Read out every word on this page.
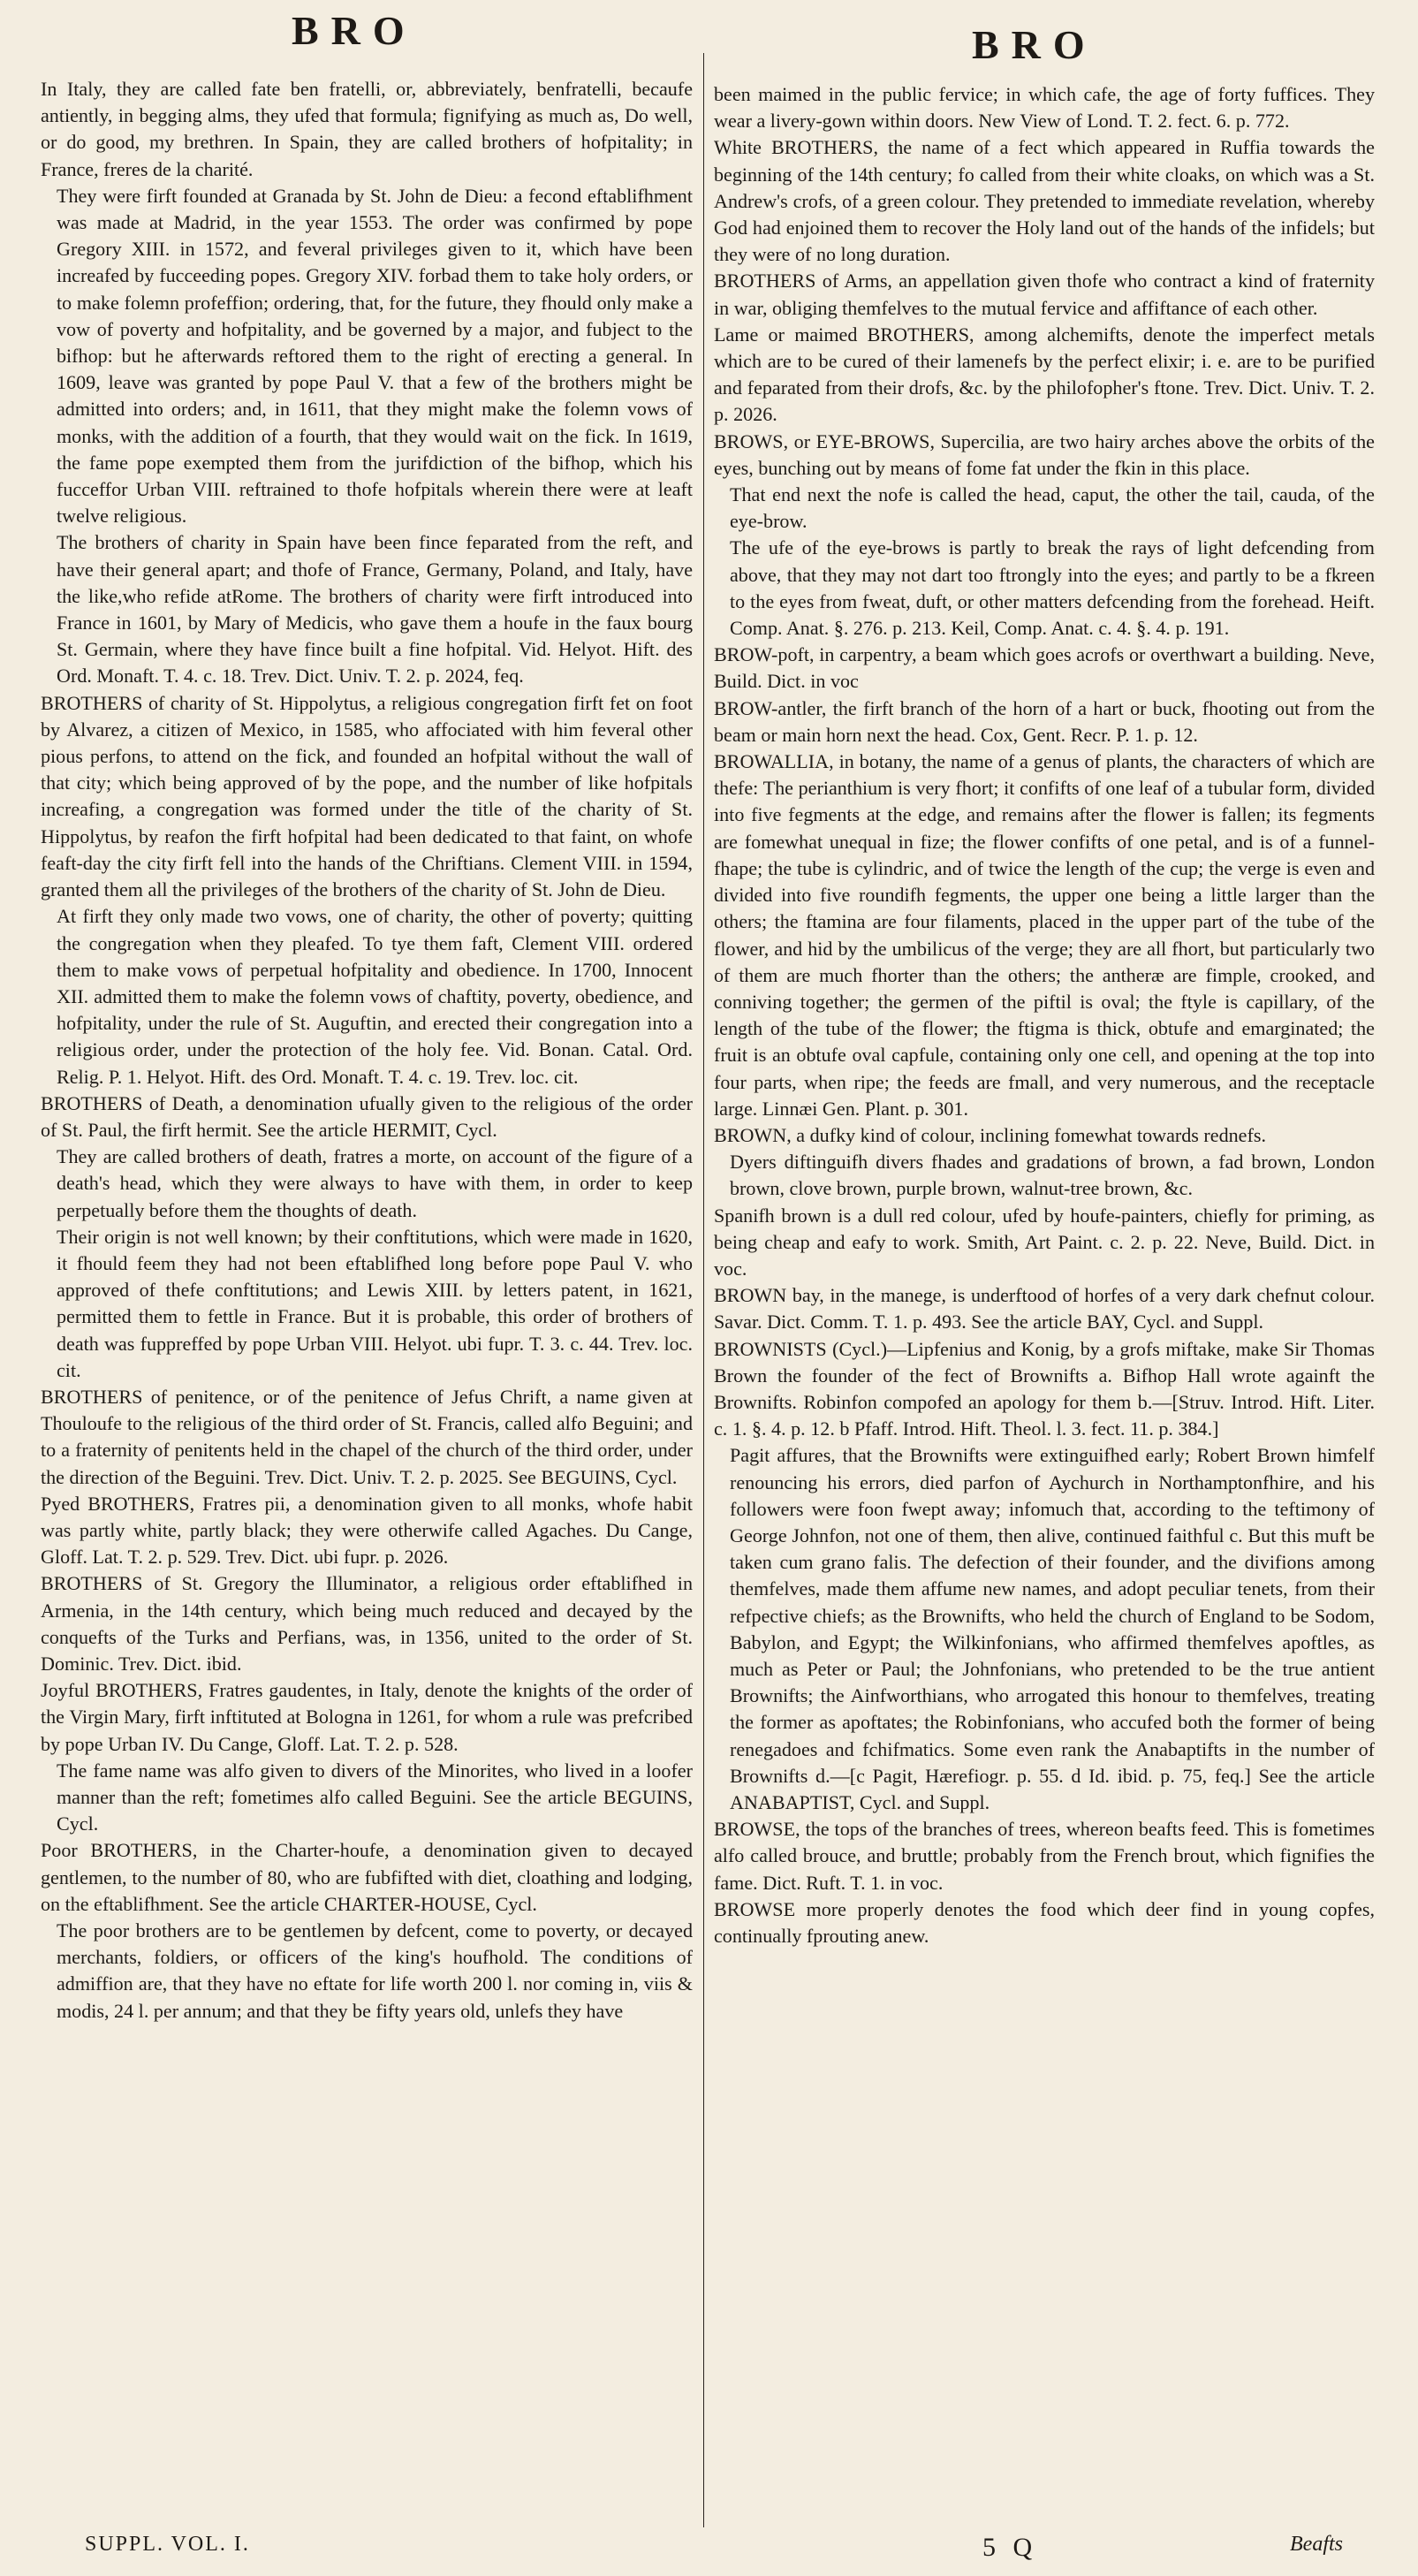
BRO	BRO

In Italy, they are called fate ben fratelli, or, abbreviately, benfratelli, becaufe antiently, in begging alms, they ufed that formula; fignifying as much as, Do well, or do good, my brethren. In Spain, they are called brothers of hofpitality; in France, freres de la charité.

They were firft founded at Granada by St. John de Dieu: a fecond eftablifhment was made at Madrid, in the year 1553. The order was confirmed by pope Gregory XIII. in 1572, and feveral privileges given to it, which have been increafed by fucceeding popes. Gregory XIV. forbad them to take holy orders, or to make folemn profeffion; ordering, that, for the future, they fhould only make a vow of poverty and hofpitality, and be governed by a major, and fubject to the bifhop: but he afterwards reftored them to the right of erecting a general. In 1609, leave was granted by pope Paul V. that a few of the brothers might be admitted into orders; and, in 1611, that they might make the folemn vows of monks, with the addition of a fourth, that they would wait on the fick. In 1619, the fame pope exempted them from the jurifdiction of the bifhop, which his fucceffor Urban VIII. reftrained to thofe hofpitals wherein there were at leaft twelve religious.

The brothers of charity in Spain have been fince feparated from the reft, and have their general apart; and thofe of France, Germany, Poland, and Italy, have the like,who refide atRome. The brothers of charity were firft introduced into France in 1601, by Mary of Medicis, who gave them a houfe in the faux bourg St. Germain, where they have fince built a fine hofpital. Vid. Helyot. Hift. des Ord. Monaft. T. 4. c. 18. Trev. Dict. Univ. T. 2. p. 2024, feq.

BROTHERS of charity of St. Hippolytus, a religious congregation firft fet on foot by Alvarez, a citizen of Mexico, in 1585, who affociated with him feveral other pious perfons, to attend on the fick, and founded an hofpital without the wall of that city; which being approved of by the pope, and the number of like hofpitals increafing, a congregation was formed under the title of the charity of St. Hippolytus, by reafon the firft hofpital had been dedicated to that faint, on whofe feaft-day the city firft fell into the hands of the Chriftians. Clement VIII. in 1594, granted them all the privileges of the brothers of the charity of St. John de Dieu.

At firft they only made two vows, one of charity, the other of poverty; quitting the congregation when they pleafed. To tye them faft, Clement VIII. ordered them to make vows of perpetual hofpitality and obedience. In 1700, Innocent XII. admitted them to make the folemn vows of chaftity, poverty, obedience, and hofpitality, under the rule of St. Auguftin, and erected their congregation into a religious order, under the protection of the holy fee. Vid. Bonan. Catal. Ord. Relig. P. 1. Helyot. Hift. des Ord. Monaft. T. 4. c. 19. Trev. loc. cit.

BROTHERS of Death, a denomination ufually given to the religious of the order of St. Paul, the firft hermit. See the article HERMIT, Cycl.

They are called brothers of death, fratres a morte, on account of the figure of a death's head, which they were always to have with them, in order to keep perpetually before them the thoughts of death.

Their origin is not well known; by their conftitutions, which were made in 1620, it fhould feem they had not been eftablifhed long before pope Paul V. who approved of thefe conftitutions; and Lewis XIII. by letters patent, in 1621, permitted them to fettle in France. But it is probable, this order of brothers of death was fuppreffed by pope Urban VIII. Helyot. ubi fupr. T. 3. c. 44. Trev. loc. cit.

BROTHERS of penitence, or of the penitence of Jefus Chrift, a name given at Thouloufe to the religious of the third order of St. Francis, called alfo Beguini; and to a fraternity of penitents held in the chapel of the church of the third order, under the direction of the Beguini. Trev. Dict. Univ. T. 2. p. 2025. See BEGUINS, Cycl.

Pyed BROTHERS, Fratres pii, a denomination given to all monks, whofe habit was partly white, partly black; they were otherwife called Agaches. Du Cange, Gloff. Lat. T. 2. p. 529. Trev. Dict. ubi fupr. p. 2026.

BROTHERS of St. Gregory the Illuminator, a religious order eftablifhed in Armenia, in the 14th century, which being much reduced and decayed by the conquefts of the Turks and Perfians, was, in 1356, united to the order of St. Dominic. Trev. Dict. ibid.

Joyful BROTHERS, Fratres gaudentes, in Italy, denote the knights of the order of the Virgin Mary, firft inftituted at Bologna in 1261, for whom a rule was prefcribed by pope Urban IV. Du Cange, Gloff. Lat. T. 2. p. 528.

The fame name was alfo given to divers of the Minorites, who lived in a loofer manner than the reft; fometimes alfo called Beguini. See the article BEGUINS, Cycl.

Poor BROTHERS, in the Charter-houfe, a denomination given to decayed gentlemen, to the number of 80, who are fubfifted with diet, cloathing and lodging, on the eftablifhment. See the article CHARTER-HOUSE, Cycl.

The poor brothers are to be gentlemen by defcent, come to poverty, or decayed merchants, foldiers, or officers of the king's houfhold. The conditions of admiffion are, that they have no eftate for life worth 200 l. nor coming in, viis & modis, 24 l. per annum; and that they be fifty years old, unlefs they have

been maimed in the public fervice; in which cafe, the age of forty fuffices. They wear a livery-gown within doors. New View of Lond. T. 2. fect. 6. p. 772.

White BROTHERS, the name of a fect which appeared in Ruffia towards the beginning of the 14th century; fo called from their white cloaks, on which was a St. Andrew's crofs, of a green colour. They pretended to immediate revelation, whereby God had enjoined them to recover the Holy land out of the hands of the infidels; but they were of no long duration.

BROTHERS of Arms, an appellation given thofe who contract a kind of fraternity in war, obliging themfelves to the mutual fervice and affiftance of each other.

Lame or maimed BROTHERS, among alchemifts, denote the imperfect metals which are to be cured of their lamenefs by the perfect elixir; i. e. are to be purified and feparated from their drofs, &c. by the philofopher's ftone. Trev. Dict. Univ. T. 2. p. 2026.

BROWS, or EYE-BROWS, Supercilia, are two hairy arches above the orbits of the eyes, bunching out by means of fome fat under the fkin in this place.

That end next the nofe is called the head, caput, the other the tail, cauda, of the eye-brow.

The ufe of the eye-brows is partly to break the rays of light defcending from above, that they may not dart too ftrongly into the eyes; and partly to be a fkreen to the eyes from fweat, duft, or other matters defcending from the forehead. Heift. Comp. Anat. §. 276. p. 213. Keil, Comp. Anat. c. 4. §. 4. p. 191.

BROW-poft, in carpentry, a beam which goes acrofs or overthwart a building. Neve, Build. Dict. in voc

BROW-antler, the firft branch of the horn of a hart or buck, fhooting out from the beam or main horn next the head. Cox, Gent. Recr. P. 1. p. 12.

BROWALLIA, in botany, the name of a genus of plants, the characters of which are thefe: The perianthium is very fhort; it confifts of one leaf of a tubular form, divided into five fegments at the edge, and remains after the flower is fallen; its fegments are fomewhat unequal in fize; the flower confifts of one petal, and is of a funnel-fhape; the tube is cylindric, and of twice the length of the cup; the verge is even and divided into five roundifh fegments, the upper one being a little larger than the others; the ftamina are four filaments, placed in the upper part of the tube of the flower, and hid by the umbilicus of the verge; they are all fhort, but particularly two of them are much fhorter than the others; the antheræ are fimple, crooked, and conniving together; the germen of the piftil is oval; the ftyle is capillary, of the length of the tube of the flower; the ftigma is thick, obtufe and emarginated; the fruit is an obtufe oval capfule, containing only one cell, and opening at the top into four parts, when ripe; the feeds are fmall, and very numerous, and the receptacle large. Linnæi Gen. Plant. p. 301.

BROWN, a dufky kind of colour, inclining fomewhat towards rednefs.

Dyers diftinguifh divers fhades and gradations of brown, a fad brown, London brown, clove brown, purple brown, walnut-tree brown, &c.

Spanifh brown is a dull red colour, ufed by houfe-painters, chiefly for priming, as being cheap and eafy to work. Smith, Art Paint. c. 2. p. 22. Neve, Build. Dict. in voc.

BROWN bay, in the manege, is underftood of horfes of a very dark chefnut colour. Savar. Dict. Comm. T. 1. p. 493. See the article BAY, Cycl. and Suppl.

BROWNISTS (Cycl.)—Lipfenius and Konig, by a grofs miftake, make Sir Thomas Brown the founder of the fect of Brownifts a. Bifhop Hall wrote againft the Brownifts. Robinfon compofed an apology for them b.—[Struv. Introd. Hift. Liter. c. 1. §. 4. p. 12. b Pfaff. Introd. Hift. Theol. l. 3. fect. 11. p. 384.]

Pagit affures, that the Brownifts were extinguifhed early; Robert Brown himfelf renouncing his errors, died parfon of Aychurch in Northamptonfhire, and his followers were foon fwept away; infomuch that, according to the teftimony of George Johnfon, not one of them, then alive, continued faithful c. But this muft be taken cum grano falis. The defection of their founder, and the divifions among themfelves, made them affume new names, and adopt peculiar tenets, from their refpective chiefs; as the Brownifts, who held the church of England to be Sodom, Babylon, and Egypt; the Wilkinfonians, who affirmed themfelves apoftles, as much as Peter or Paul; the Johnfonians, who pretended to be the true antient Brownifts; the Ainfworthians, who arrogated this honour to themfelves, treating the former as apoftates; the Robinfonians, who accufed both the former of being renegadoes and fchifmatics. Some even rank the Anabaptifts in the number of Brownifts d.—[c Pagit, Hærefiogr. p. 55. d Id. ibid. p. 75, feq.] See the article ANABAPTIST, Cycl. and Suppl.

BROWSE, the tops of the branches of trees, whereon beafts feed. This is fometimes alfo called brouce, and bruttle; probably from the French brout, which fignifies the fame. Dict. Ruft. T. 1. in voc.

BROWSE more properly denotes the food which deer find in young copfes, continually fprouting anew.

SUPPL. VOL. I.	5 Q	Beafts
